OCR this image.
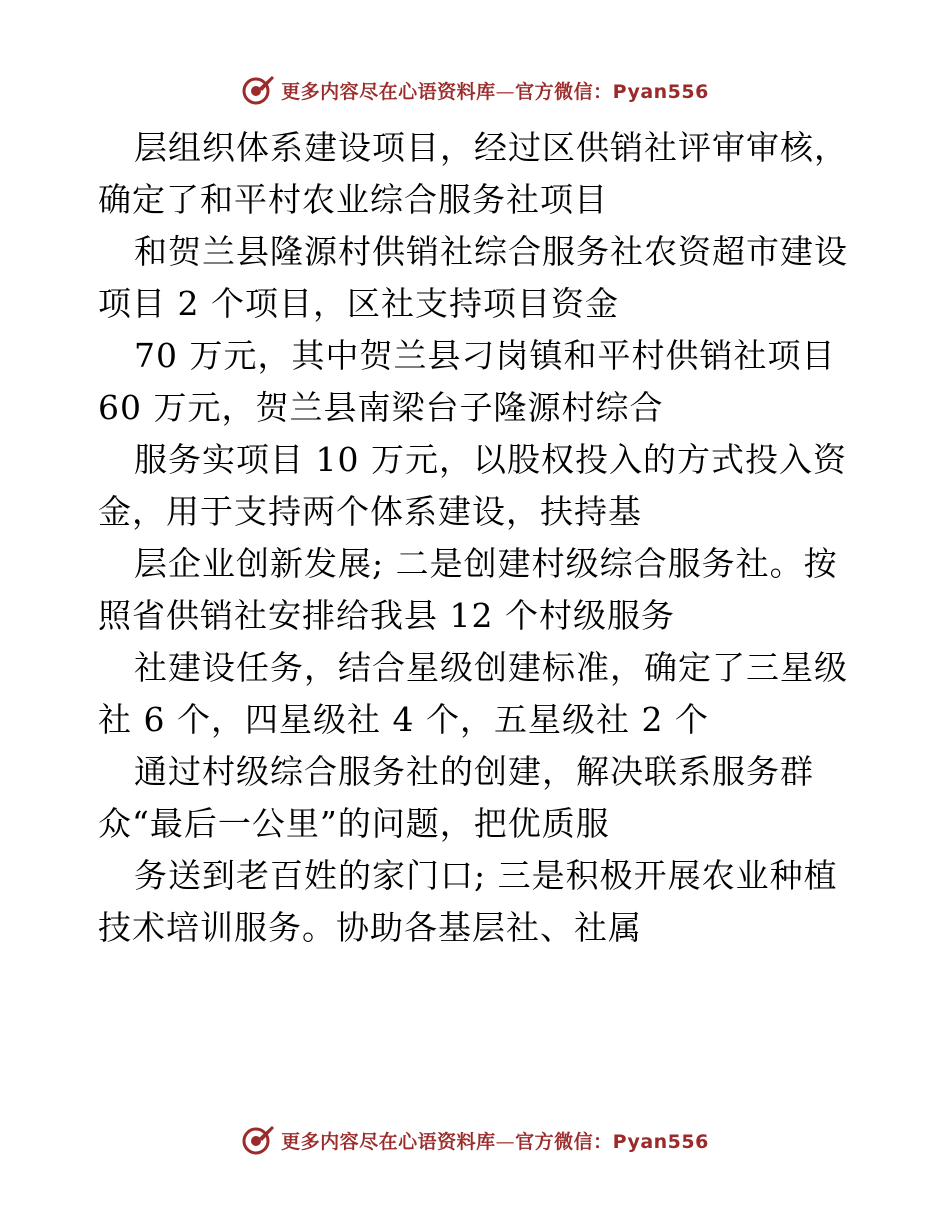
更多内容尽在心语资料库—官方微信：Pyan556
层组织体系建设项目，经过区供销社评审审核，
确定了和平村农业综合服务社项目
和贺兰县隆源村供销社综合服务社农资超市建设
项目 2 个项目，区社支持项目资金
70 万元，其中贺兰县刁岗镇和平村供销社项目
60 万元，贺兰县南梁台子隆源村综合
服务实项目 10 万元，以股权投入的方式投入资
金，用于支持两个体系建设，扶持基
层企业创新发展; 二是创建村级综合服务社。按
照省供销社安排给我县 12 个村级服务
社建设任务，结合星级创建标准，确定了三星级
社 6 个，四星级社 4 个，五星级社 2 个
通过村级综合服务社的创建，解决联系服务群
众“最后一公里”的问题，把优质服
务送到老百姓的家门口; 三是积极开展农业种植
技术培训服务。协助各基层社、社属
更多内容尽在心语资料库—官方微信：Pyan556
